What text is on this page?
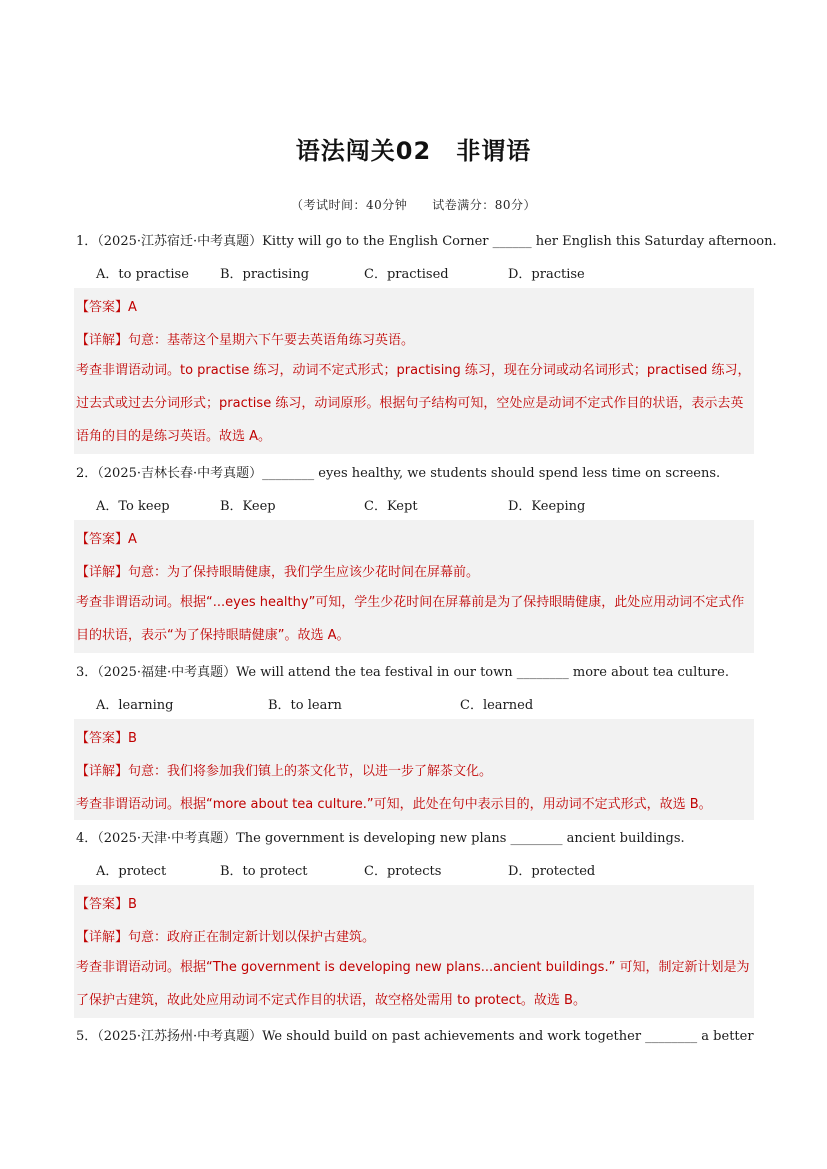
语法闯关02　非谓语
（考试时间：40分钟　　试卷满分：80分）
1．（2025·江苏宿迁·中考真题）Kitty will go to the English Corner ______ her English this Saturday afternoon.
A．to practise B．practising	C．practised	D．practise
【答案】A
【详解】句意：基蒂这个星期六下午要去英语角练习英语。
考查非谓语动词。to practise 练习，动词不定式形式；practising 练习，现在分词或动名词形式；practised 练习，过去式或过去分词形式；practise 练习，动词原形。根据句子结构可知，空处应是动词不定式作目的状语，表示去英语角的目的是练习英语。故选 A。
2．（2025·吉林长春·中考真题）________ eyes healthy, we students should spend less time on screens.
A．To keep	B．Keep	C．Kept	D．Keeping
【答案】A
【详解】句意：为了保持眼睛健康，我们学生应该少花时间在屏幕前。
考查非谓语动词。根据“...eyes healthy”可知，学生少花时间在屏幕前是为了保持眼睛健康，此处应用动词不定式作目的状语，表示“为了保持眼睛健康”。故选 A。
3．（2025·福建·中考真题）We will attend the tea festival in our town ________ more about tea culture.
A．learning	B．to learn	C．learned
【答案】B
【详解】句意：我们将参加我们镇上的茶文化节，以进一步了解茶文化。
考查非谓语动词。根据“more about tea culture.”可知，此处在句中表示目的，用动词不定式形式，故选 B。
4．（2025·天津·中考真题）The government is developing new plans ________ ancient buildings.
A．protect	B．to protect	C．protects	D．protected
【答案】B
【详解】句意：政府正在制定新计划以保护古建筑。
考查非谓语动词。根据“The government is developing new plans...ancient buildings.” 可知，制定新计划是为了保护古建筑，故此处应用动词不定式作目的状语，故空格处需用 to protect。故选 B。
5．（2025·江苏扬州·中考真题）We should build on past achievements and work together ________ a better
